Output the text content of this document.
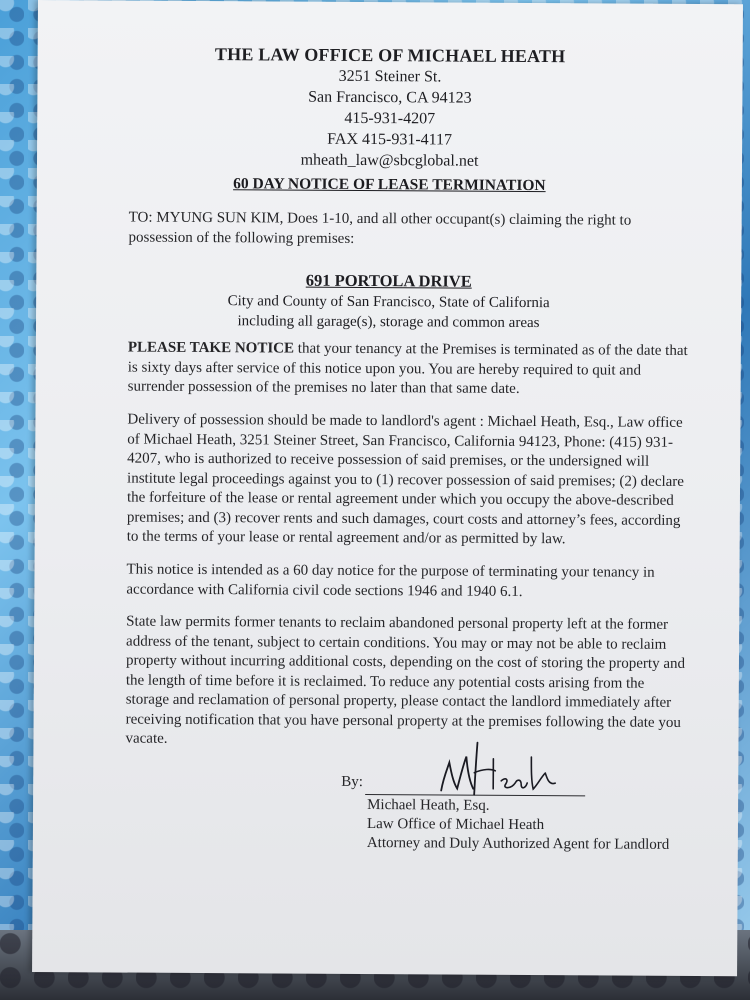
THE LAW OFFICE OF MICHAEL HEATH
3251 Steiner St.
San Francisco, CA 94123
415-931-4207
FAX 415-931-4117
mheath_law@sbcglobal.net
60 DAY NOTICE OF LEASE TERMINATION
TO: MYUNG SUN KIM, Does 1-10, and all other occupant(s) claiming the right to possession of the following premises:
691 PORTOLA DRIVE
City and County of San Francisco, State of California
including all garage(s), storage and common areas
PLEASE TAKE NOTICE that your tenancy at the Premises is terminated as of the date that is sixty days after service of this notice upon you. You are hereby required to quit and surrender possession of the premises no later than that same date.
Delivery of possession should be made to landlord's agent : Michael Heath, Esq., Law office of Michael Heath, 3251 Steiner Street, San Francisco, California 94123, Phone: (415) 931-4207, who is authorized to receive possession of said premises, or the undersigned will institute legal proceedings against you to (1) recover possession of said premises; (2) declare the forfeiture of the lease or rental agreement under which you occupy the above-described premises; and (3) recover rents and such damages, court costs and attorney’s fees, according to the terms of your lease or rental agreement and/or as permitted by law.
This notice is intended as a 60 day notice for the purpose of terminating your tenancy in accordance with California civil code sections 1946 and 1940 6.1.
State law permits former tenants to reclaim abandoned personal property left at the former address of the tenant, subject to certain conditions. You may or may not be able to reclaim property without incurring additional costs, depending on the cost of storing the property and the length of time before it is reclaimed. To reduce any potential costs arising from the storage and reclamation of personal property, please contact the landlord immediately after receiving notification that you have personal property at the premises following the date you vacate.
By:
Michael Heath, Esq.
Law Office of Michael Heath
Attorney and Duly Authorized Agent for Landlord
